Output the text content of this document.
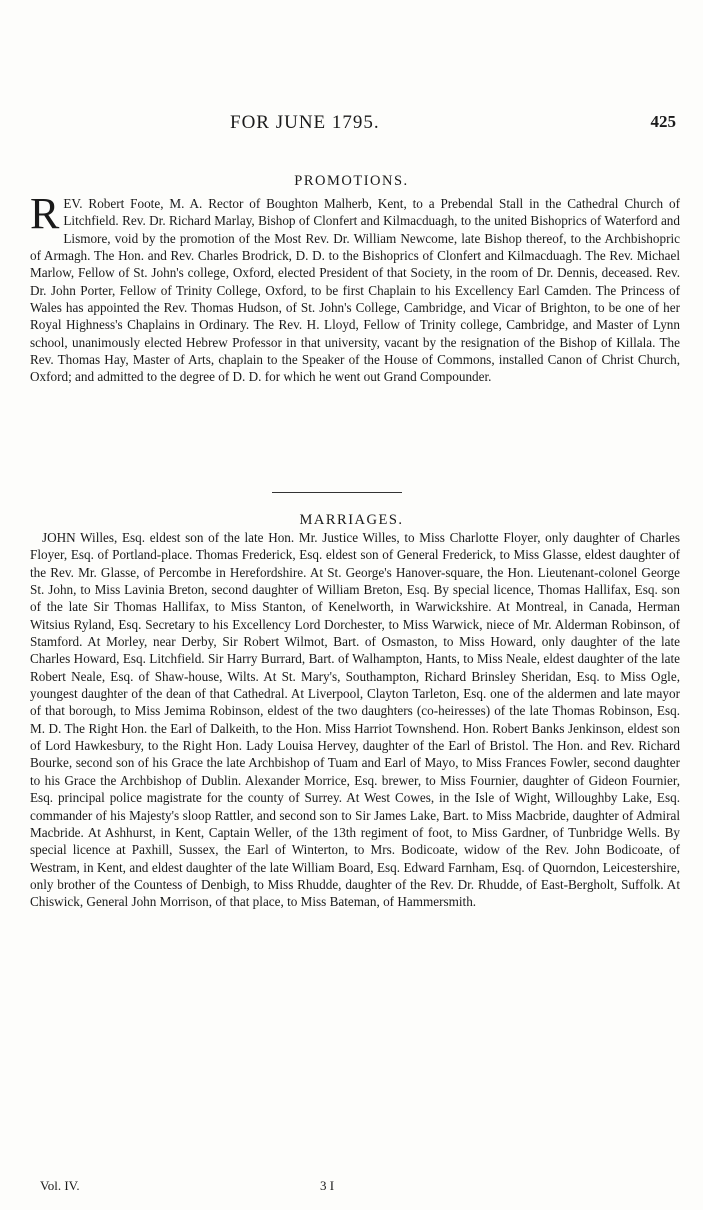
FOR JUNE 1795.	425
PROMOTIONS.
REV. Robert Foote, M. A. Rector of Boughton Malherb, Kent, to a Prebendal Stall in the Cathedral Church of Litchfield. Rev. Dr. Richard Marlay, Bishop of Clonfert and Kilmacduagh, to the united Bishoprics of Waterford and Lismore, void by the promotion of the Most Rev. Dr. William Newcome, late Bishop thereof, to the Archbishopric of Armagh. The Hon. and Rev. Charles Brodrick, D. D. to the Bishoprics of Clonfert and Kilmacduagh. The Rev. Michael Marlow, Fellow of St. John's college, Oxford, elected President of that Society, in the room of Dr. Dennis, deceased. Rev. Dr. John Porter, Fellow of Trinity College, Oxford, to be first Chaplain to his Excellency Earl Camden. The Princess of Wales has appointed the Rev. Thomas Hudson, of St. John's College, Cambridge, and Vicar of Brighton, to be one of her Royal Highness's Chaplains in Ordinary. The Rev. H. Lloyd, Fellow of Trinity college, Cambridge, and Master of Lynn school, unanimously elected Hebrew Professor in that university, vacant by the resignation of the Bishop of Killala. The Rev. Thomas Hay, Master of Arts, chaplain to the Speaker of the House of Commons, installed Canon of Christ Church, Oxford; and admitted to the degree of D. D. for which he went out Grand Compounder.
MARRIAGES.
JOHN Willes, Esq. eldest son of the late Hon. Mr. Justice Willes, to Miss Charlotte Floyer, only daughter of Charles Floyer, Esq. of Portland-place. Thomas Frederick, Esq. eldest son of General Frederick, to Miss Glasse, eldest daughter of the Rev. Mr. Glasse, of Percombe in Herefordshire. At St. George's Hanover-square, the Hon. Lieutenant-colonel George St. John, to Miss Lavinia Breton, second daughter of William Breton, Esq. By special licence, Thomas Hallifax, Esq. son of the late Sir Thomas Hallifax, to Miss Stanton, of Kenelworth, in Warwickshire. At Montreal, in Canada, Herman Witsius Ryland, Esq. Secretary to his Excellency Lord Dorchester, to Miss Warwick, niece of Mr. Alderman Robinson, of Stamford. At Morley, near Derby, Sir Robert Wilmot, Bart. of Osmaston, to Miss Howard, only daughter of the late Charles Howard, Esq. Litchfield. Sir Harry Burrard, Bart. of Walhampton, Hants, to Miss Neale, eldest daughter of the late Robert Neale, Esq. of Shaw-house, Wilts. At St. Mary's, Southampton, Richard Brinsley Sheridan, Esq. to Miss Ogle, youngest daughter of the dean of that Cathedral. At Liverpool, Clayton Tarleton, Esq. one of the aldermen and late mayor of that borough, to Miss Jemima Robinson, eldest of the two daughters (co-heiresses) of the late Thomas Robinson, Esq. M. D. The Right Hon. the Earl of Dalkeith, to the Hon. Miss Harriot Townshend. Hon. Robert Banks Jenkinson, eldest son of Lord Hawkesbury, to the Right Hon. Lady Louisa Hervey, daughter of the Earl of Bristol. The Hon. and Rev. Richard Bourke, second son of his Grace the late Archbishop of Tuam and Earl of Mayo, to Miss Frances Fowler, second daughter to his Grace the Archbishop of Dublin. Alexander Morrice, Esq. brewer, to Miss Fournier, daughter of Gideon Fournier, Esq. principal police magistrate for the county of Surrey. At West Cowes, in the Isle of Wight, Willoughby Lake, Esq. commander of his Majesty's sloop Rattler, and second son to Sir James Lake, Bart. to Miss Macbride, daughter of Admiral Macbride. At Ashhurst, in Kent, Captain Weller, of the 13th regiment of foot, to Miss Gardner, of Tunbridge Wells. By special licence at Paxhill, Sussex, the Earl of Winterton, to Mrs. Bodicoate, widow of the Rev. John Bodicoate, of Westram, in Kent, and eldest daughter of the late William Board, Esq. Edward Farnham, Esq. of Quorndon, Leicestershire, only brother of the Countess of Denbigh, to Miss Rhudde, daughter of the Rev. Dr. Rhudde, of East-Bergholt, Suffolk. At Chiswick, General John Morrison, of that place, to Miss Bateman, of Hammersmith.
Vol. IV.	3 I
